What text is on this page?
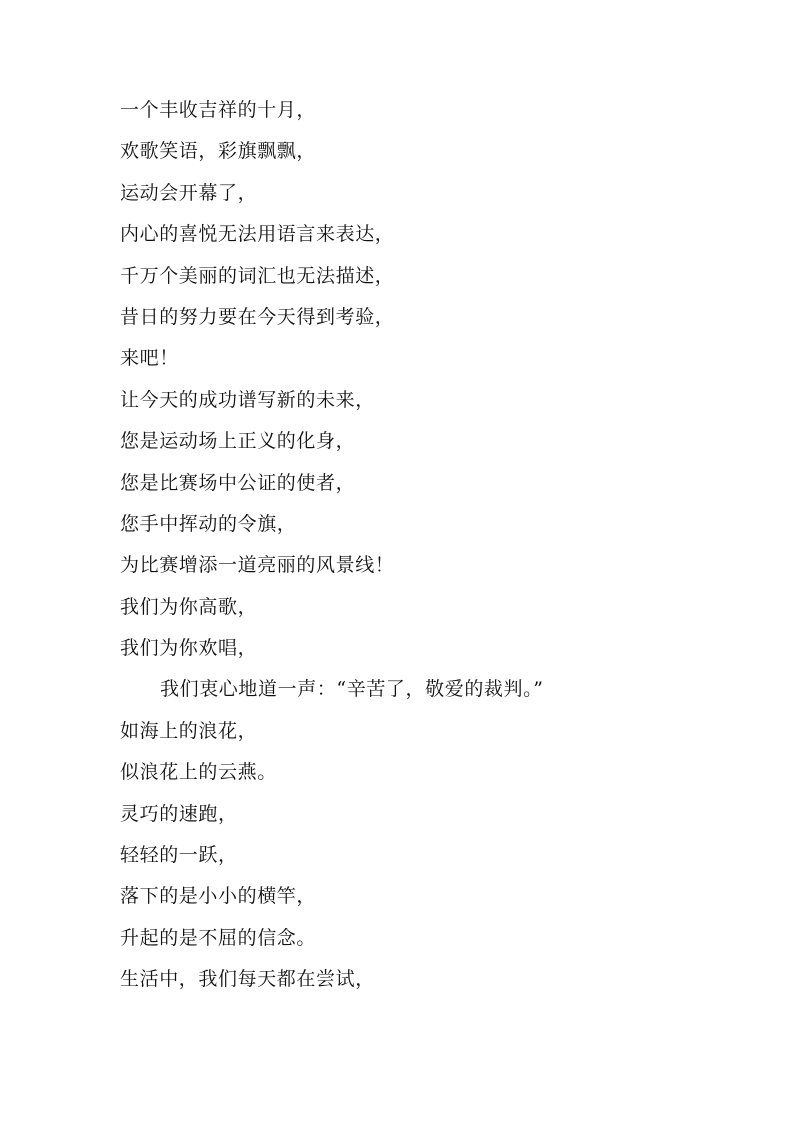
一个丰收吉祥的十月，
欢歌笑语，彩旗飘飘，
运动会开幕了，
内心的喜悦无法用语言来表达，
千万个美丽的词汇也无法描述，
昔日的努力要在今天得到考验，
来吧！
让今天的成功谱写新的未来，
您是运动场上正义的化身，
您是比赛场中公证的使者，
您手中挥动的令旗，
为比赛增添一道亮丽的风景线！
我们为你高歌，
我们为你欢唱，
我们衷心地道一声：“辛苦了，敬爱的裁判。”
如海上的浪花，
似浪花上的云燕。
灵巧的速跑，
轻轻的一跃，
落下的是小小的横竿，
升起的是不屈的信念。
生活中，我们每天都在尝试，
